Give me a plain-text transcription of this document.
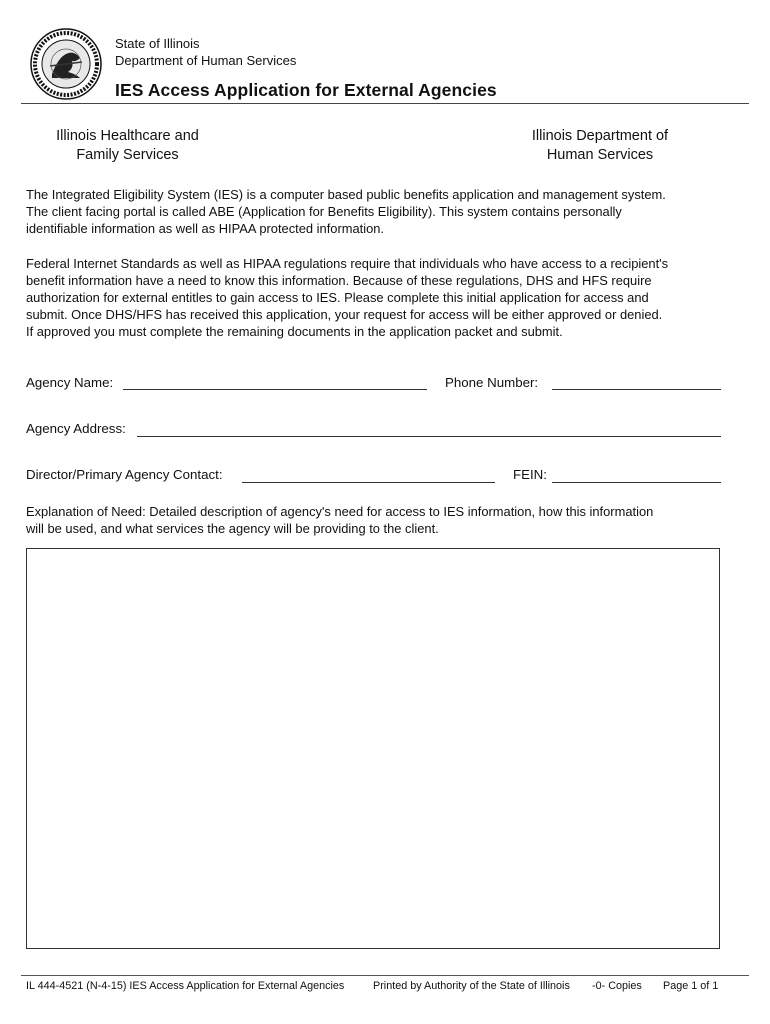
State of Illinois
Department of Human Services
IES Access Application for External Agencies
Illinois Healthcare and
Family Services
Illinois Department of
Human Services
The Integrated Eligibility System (IES) is a computer based public benefits application and management system.
The client facing portal is called ABE (Application for Benefits Eligibility). This system contains personally
identifiable information as well as HIPAA protected information.
Federal Internet Standards as well as HIPAA regulations require that individuals who have access to a recipient's
benefit information have a need to know this information. Because of these regulations, DHS and HFS require
authorization for external entitles to gain access to IES. Please complete this initial application for access and
submit. Once DHS/HFS has received this application, your request for access will be either approved or denied.
If approved you must complete the remaining documents in the application packet and submit.
Agency Name:	Phone Number:
Agency Address:
Director/Primary Agency Contact:	FEIN:
Explanation of Need: Detailed description of agency's need for access to IES information, how this information
will be used, and what services the agency will be providing to the client.
IL 444-4521 (N-4-15) IES Access Application for External Agencies	Printed by Authority of the State of Illinois -0- Copies Page 1 of 1
